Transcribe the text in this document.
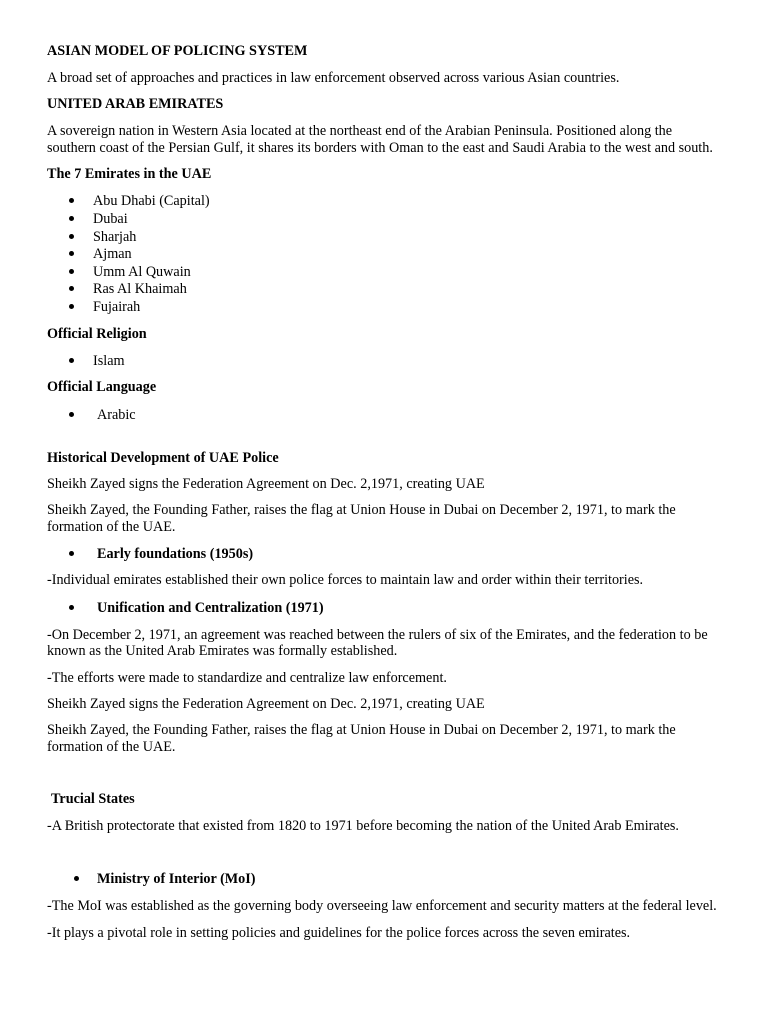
ASIAN MODEL OF POLICING SYSTEM
A broad set of approaches and practices in law enforcement observed across various Asian countries.
UNITED ARAB EMIRATES
A sovereign nation in Western Asia located at the northeast end of the Arabian Peninsula. Positioned along the
southern coast of the Persian Gulf, it shares its borders with Oman to the east and Saudi Arabia to the west and south.
The 7 Emirates in the UAE
Abu Dhabi (Capital)
Dubai
Sharjah
Ajman
Umm Al Quwain
Ras Al Khaimah
Fujairah
Official Religion
Islam
Official Language
Arabic
Historical Development of UAE Police
Sheikh Zayed signs the Federation Agreement on Dec. 2,1971, creating UAE
Sheikh Zayed, the Founding Father, raises the flag at Union House in Dubai on December 2, 1971, to mark the
formation of the UAE.
Early foundations (1950s)
-Individual emirates established their own police forces to maintain law and order within their territories.
Unification and Centralization (1971)
-On December 2, 1971, an agreement was reached between the rulers of six of the Emirates, and the federation to be
known as the United Arab Emirates was formally established.
-The efforts were made to standardize and centralize law enforcement.
Sheikh Zayed signs the Federation Agreement on Dec. 2,1971, creating UAE
Sheikh Zayed, the Founding Father, raises the flag at Union House in Dubai on December 2, 1971, to mark the
formation of the UAE.
Trucial States
-A British protectorate that existed from 1820 to 1971 before becoming the nation of the United Arab Emirates.
Ministry of Interior (MoI)
-The MoI was established as the governing body overseeing law enforcement and security matters at the federal level.
-It plays a pivotal role in setting policies and guidelines for the police forces across the seven emirates.
